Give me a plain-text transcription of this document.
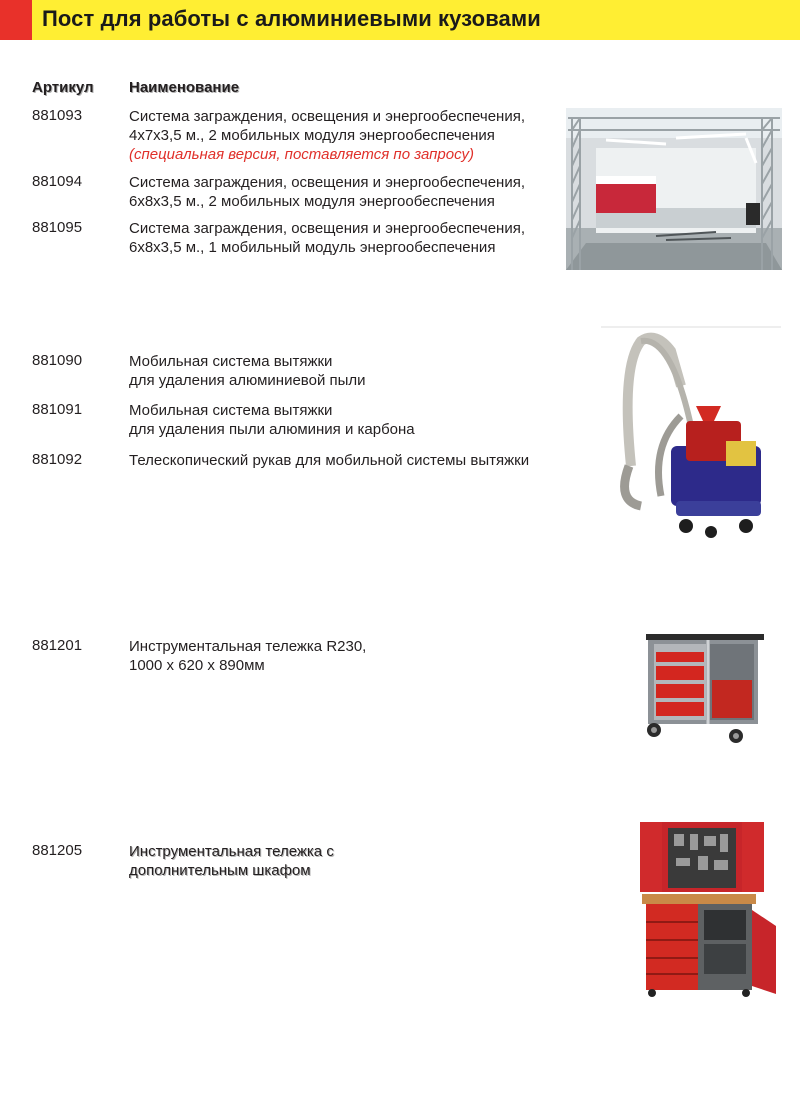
Пост для работы с алюминиевыми кузовами
Артикул Наименование
881093	Система заграждения, освещения и энергообеспечения,
4х7х3,5 м., 2 мобильных модуля энергообеспечения
(специальная версия, поставляется по запросу)
881094	Система заграждения, освещения и энергообеспечения,
6х8х3,5 м., 2 мобильных модуля энергообеспечения
881095	Система заграждения, освещения и энергообеспечения,
6х8х3,5 м., 1 мобильный модуль энергообеспечения
881090	Мобильная система вытяжки
для удаления алюминиевой пыли
881091	Мобильная система вытяжки
для удаления пыли алюминия и карбона
881092	Телескопический рукав для мобильной системы вытяжки
881201	Инструментальная тележка R230,
1000 x 620 x 890мм
881205	Инструментальная тележка с
дополнительным шкафом
